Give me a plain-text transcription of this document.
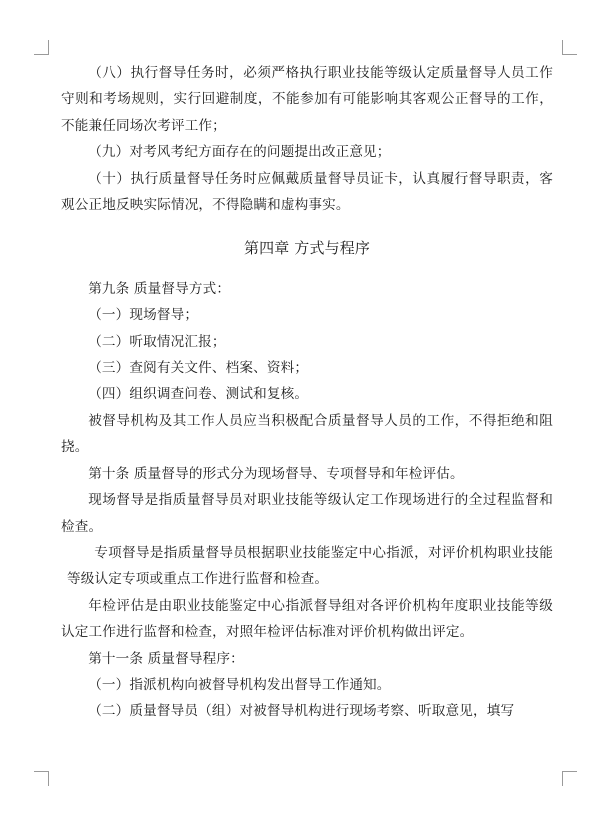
（八）执行督导任务时，必须严格执行职业技能等级认定质量督导人员工作守则和考场规则，实行回避制度，不能参加有可能影响其客观公正督导的工作，不能兼任同场次考评工作；

（九）对考风考纪方面存在的问题提出改正意见；

（十）执行质量督导任务时应佩戴质量督导员证卡，认真履行督导职责，客观公正地反映实际情况，不得隐瞒和虚构事实。

第四章 方式与程序

第九条 质量督导方式：

（一）现场督导；

（二）听取情况汇报；

（三）查阅有关文件、档案、资料；

（四）组织调查问卷、测试和复核。

被督导机构及其工作人员应当积极配合质量督导人员的工作，不得拒绝和阻挠。

第十条 质量督导的形式分为现场督导、专项督导和年检评估。

现场督导是指质量督导员对职业技能等级认定工作现场进行的全过程监督和检查。

专项督导是指质量督导员根据职业技能鉴定中心指派，对评价机构职业技能等级认定专项或重点工作进行监督和检查。

年检评估是由职业技能鉴定中心指派督导组对各评价机构年度职业技能等级认定工作进行监督和检查，对照年检评估标准对评价机构做出评定。

第十一条 质量督导程序：

（一）指派机构向被督导机构发出督导工作通知。

（二）质量督导员（组）对被督导机构进行现场考察、听取意见，填写
